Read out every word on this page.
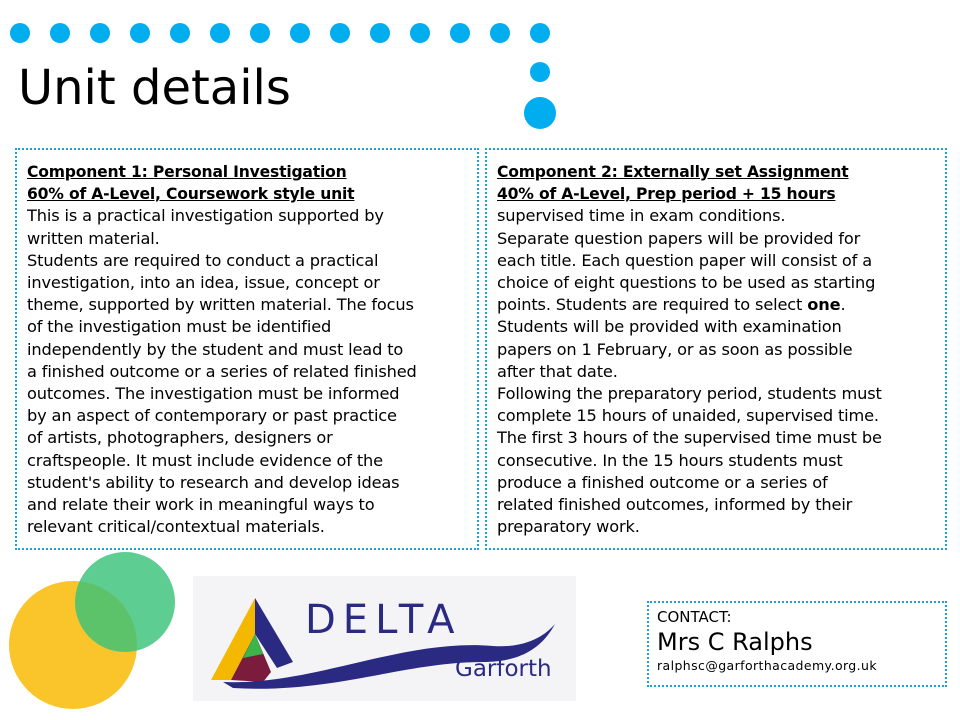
Unit details

Component 1: Personal Investigation

60% of A-Level, Coursework style unit

This is a practical investigation supported by

written material.

Students are required to conduct a practical

investigation, into an idea, issue, concept or

theme, supported by written material. The focus

of the investigation must be identified

independently by the student and must lead to

a finished outcome or a series of related finished

outcomes. The investigation must be informed

by an aspect of contemporary or past practice

of artists, photographers, designers or

craftspeople. It must include evidence of the

student's ability to research and develop ideas

and relate their work in meaningful ways to

relevant critical/contextual materials.

Component 2: Externally set Assignment

40% of A-Level, Prep period + 15 hours

supervised time in exam conditions.

Separate question papers will be provided for

each title. Each question paper will consist of a

choice of eight questions to be used as starting

points. Students are required to select one.

Students will be provided with examination

papers on 1 February, or as soon as possible

after that date.

Following the preparatory period, students must

complete 15 hours of unaided, supervised time.

The first 3 hours of the supervised time must be

consecutive. In the 15 hours students must

produce a finished outcome or a series of

related finished outcomes, informed by their

preparatory work.

DELTA
Garforth
CONTACT:
Mrs C Ralphs
ralphsc@garforthacademy.org.uk
